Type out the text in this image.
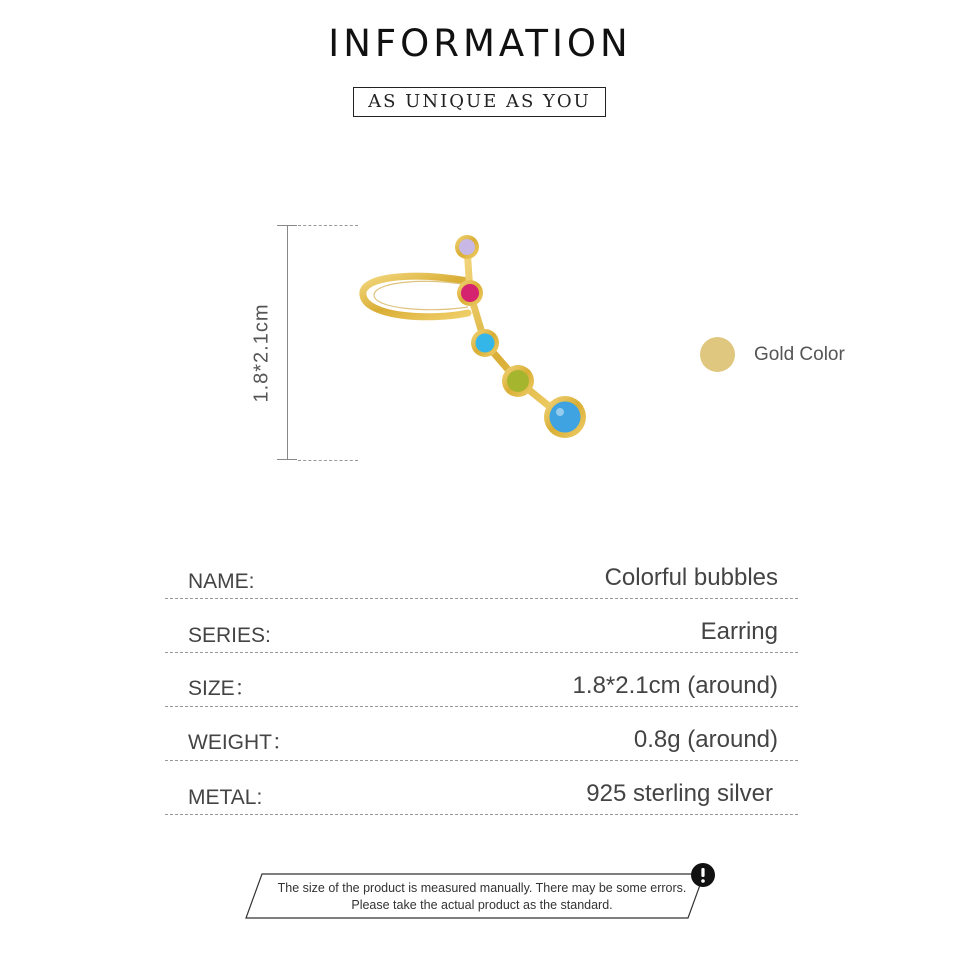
INFORMATION
AS UNIQUE AS YOU
1.8*2.1cm	Gold Color
NAME:	Colorful bubbles
SERIES:	Earring
SIZE：	1.8*2.1cm (around)
WEIGHT：	0.8g (around)
METAL:	925 sterling silver
The size of the product is measured manually. There may be some errors.
Please take the actual product as the standard.
